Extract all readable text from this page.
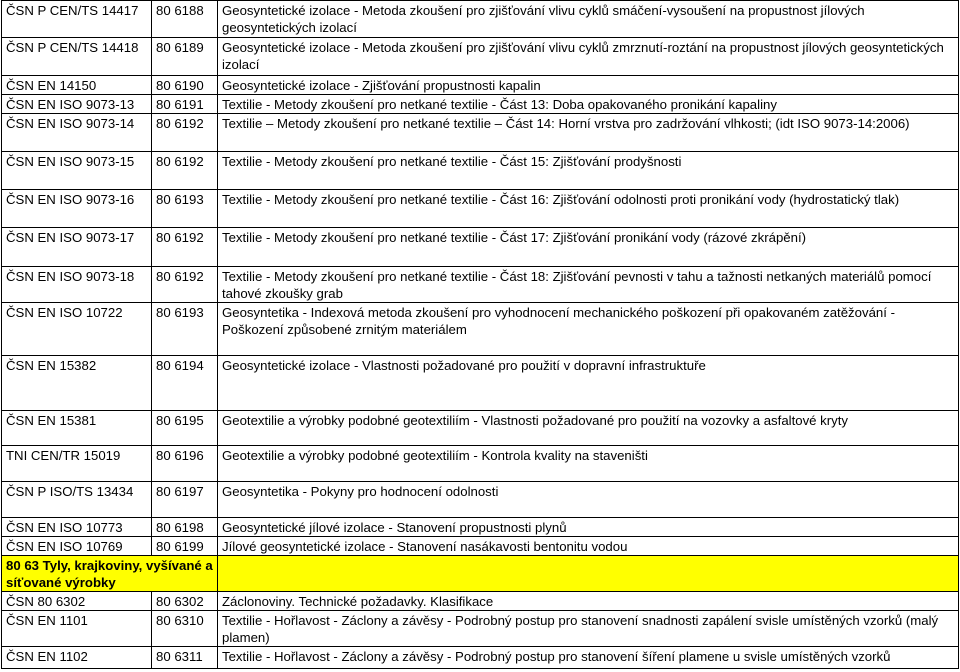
ČSN P CEN/TS 14417	80 6188	Geosyntetické izolace - Metoda zkoušení pro zjišťování vlivu cyklů smáčení-vysoušení na propustnost jílových geosyntetických izolací
ČSN P CEN/TS 14418	80 6189	Geosyntetické izolace - Metoda zkoušení pro zjišťování vlivu cyklů zmrznutí-roztání na propustnost jílových geosyntetických izolací
ČSN EN 14150	80 6190	Geosyntetické izolace - Zjišťování propustnosti kapalin
ČSN EN ISO 9073-13	80 6191	Textilie - Metody zkoušení pro netkané textilie - Část 13: Doba opakovaného pronikání kapaliny
ČSN EN ISO 9073-14	80 6192	Textilie – Metody zkoušení pro netkané textilie – Část 14: Horní vrstva pro zadržování vlhkosti; (idt ISO 9073-14:2006)
ČSN EN ISO 9073-15	80 6192	Textilie - Metody zkoušení pro netkané textilie - Část 15: Zjišťování prodyšnosti
ČSN EN ISO 9073-16	80 6193	Textilie - Metody zkoušení pro netkané textilie - Část 16: Zjišťování odolnosti proti pronikání vody (hydrostatický tlak)
ČSN EN ISO 9073-17	80 6192	Textilie - Metody zkoušení pro netkané textilie - Část 17: Zjišťování pronikání vody (rázové zkrápění)
ČSN EN ISO 9073-18	80 6192	Textilie - Metody zkoušení pro netkané textilie - Část 18: Zjišťování pevnosti v tahu a tažnosti netkaných materiálů pomocí tahové zkoušky grab
ČSN EN ISO 10722	80 6193	Geosyntetika - Indexová metoda zkoušení pro vyhodnocení mechanického poškození při opakovaném zatěžování - Poškození způsobené zrnitým materiálem
ČSN EN 15382	80 6194	Geosyntetické izolace - Vlastnosti požadované pro použití v dopravní infrastruktuře
ČSN EN 15381	80 6195	Geotextilie a výrobky podobné geotextiliím - Vlastnosti požadované pro použití na vozovky a asfaltové kryty
TNI CEN/TR 15019	80 6196	Geotextilie a výrobky podobné geotextiliím - Kontrola kvality na staveništi
ČSN P ISO/TS 13434	80 6197	Geosyntetika - Pokyny pro hodnocení odolnosti
ČSN EN ISO 10773	80 6198	Geosyntetické jílové izolace - Stanovení propustnosti plynů
ČSN EN ISO 10769	80 6199	Jílové geosyntetické izolace - Stanovení nasákavosti bentonitu vodou
80 63 Tyly, krajkoviny, vyšívané a síťované výrobky		
ČSN 80 6302	80 6302	Záclonoviny. Technické požadavky. Klasifikace
ČSN EN 1101	80 6310	Textilie - Hořlavost - Záclony a závěsy - Podrobný postup pro stanovení snadnosti zapálení svisle umístěných vzorků (malý plamen)
ČSN EN 1102	80 6311	Textilie - Hořlavost - Záclony a závěsy - Podrobný postup pro stanovení šíření plamene u svisle umístěných vzorků
